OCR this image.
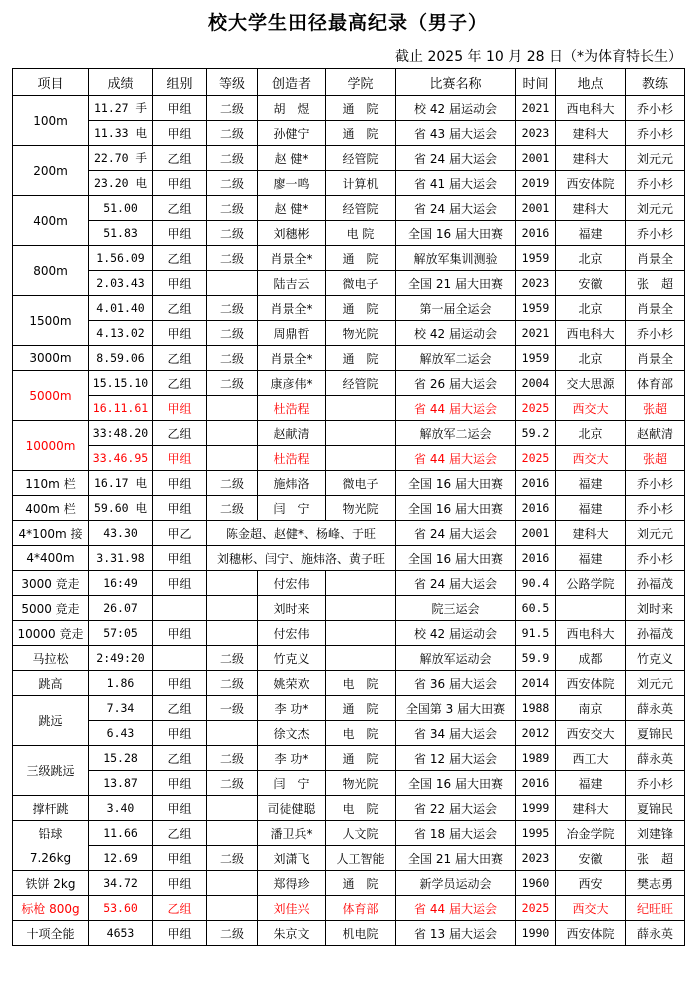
校大学生田径最高纪录（男子）
截止 2025 年 10 月 28 日（*为体育特长生）
项目	成绩	组别	等级	创造者	学院	比赛名称	时间	地点	教练
100m	11.27 手	甲组	二级	胡　煜	通　院	校 42 届运动会	2021	西电科大	乔小杉
	11.33 电	甲组	二级	孙健宁	通　院	省 43 届大运会	2023	建科大	乔小杉
200m	22.70 手	乙组	二级	赵 健*	经管院	省 24 届大运会	2001	建科大	刘元元
	23.20 电	甲组	二级	廖一鸣	计算机	省 41 届大运会	2019	西安体院	乔小杉
400m	51.00	乙组	二级	赵 健*	经管院	省 24 届大运会	2001	建科大	刘元元
	51.83	甲组	二级	刘穗彬	电 院	全国 16 届大田赛	2016	福建	乔小杉
800m	1.56.09	乙组	二级	肖景全*	通　院	解放军集训测验	1959	北京	肖景全
	2.03.43	甲组		陆吉云	微电子	全国 21 届大田赛	2023	安徽	张　超
1500m	4.01.40	乙组	二级	肖景全*	通　院	第一届全运会	1959	北京	肖景全
	4.13.02	甲组	二级	周鼎哲	物光院	校 42 届运动会	2021	西电科大	乔小杉
3000m	8.59.06	乙组	二级	肖景全*	通　院	解放军二运会	1959	北京	肖景全
5000m	15.15.10	乙组	二级	康彦伟*	经管院	省 26 届大运会	2004	交大思源	体育部
	16.11.61	甲组		杜浩程		省 44 届大运会	2025	西交大	张超
10000m	33:48.20	乙组		赵献清		解放军二运会	59.2	北京	赵献清
	33.46.95	甲组		杜浩程		省 44 届大运会	2025	西交大	张超
110m 栏	16.17 电	甲组	二级	施炜洛	微电子	全国 16 届大田赛	2016	福建	乔小杉
400m 栏	59.60 电	甲组	二级	闫　宁	物光院	全国 16 届大田赛	2016	福建	乔小杉
4*100m 接	43.30	甲乙	陈金超、赵健*、杨峰、于旺			省 24 届大运会	2001	建科大	刘元元
4*400m	3.31.98	甲组	刘穗彬、闫宁、施炜洛、黄子旺			全国 16 届大田赛	2016	福建	乔小杉
3000 竞走	16:49	甲组		付宏伟		省 24 届大运会	90.4	公路学院	孙福茂
5000 竞走	26.07			刘时来		院三运会	60.5		刘时来
10000 竞走	57:05	甲组		付宏伟		校 42 届运动会	91.5	西电科大	孙福茂
马拉松	2:49:20		二级	竹克义		解放军运动会	59.9	成都	竹克义
跳高	1.86	甲组	二级	姚荣欢	电　院	省 36 届大运会	2014	西安体院	刘元元
跳远	7.34	乙组	一级	李 功*	通　院	全国第 3 届大田赛	1988	南京	薛永英
	6.43	甲组		徐文杰	电　院	省 34 届大运会	2012	西安交大	夏锦民
三级跳远	15.28	乙组	二级	李 功*	通　院	省 12 届大运会	1989	西工大	薛永英
	13.87	甲组	二级	闫　宁	物光院	全国 16 届大田赛	2016	福建	乔小杉
撑杆跳	3.40	甲组		司徒健聪	电　院	省 22 届大运会	1999	建科大	夏锦民
铅球	11.66	乙组		潘卫兵*	人文院	省 18 届大运会	1995	冶金学院	刘建锋
7.26kg	12.69	甲组	二级	刘潇飞	人工智能	全国 21 届大田赛	2023	安徽	张　超
铁饼 2kg	34.72	甲组		郑得珍	通　院	新学员运动会	1960	西安	樊志勇
标枪 800g	53.60	乙组		刘佳兴	体育部	省 44 届大运会	2025	西交大	纪旺旺
十项全能	4653	甲组	二级	朱京文	机电院	省 13 届大运会	1990	西安体院	薛永英
